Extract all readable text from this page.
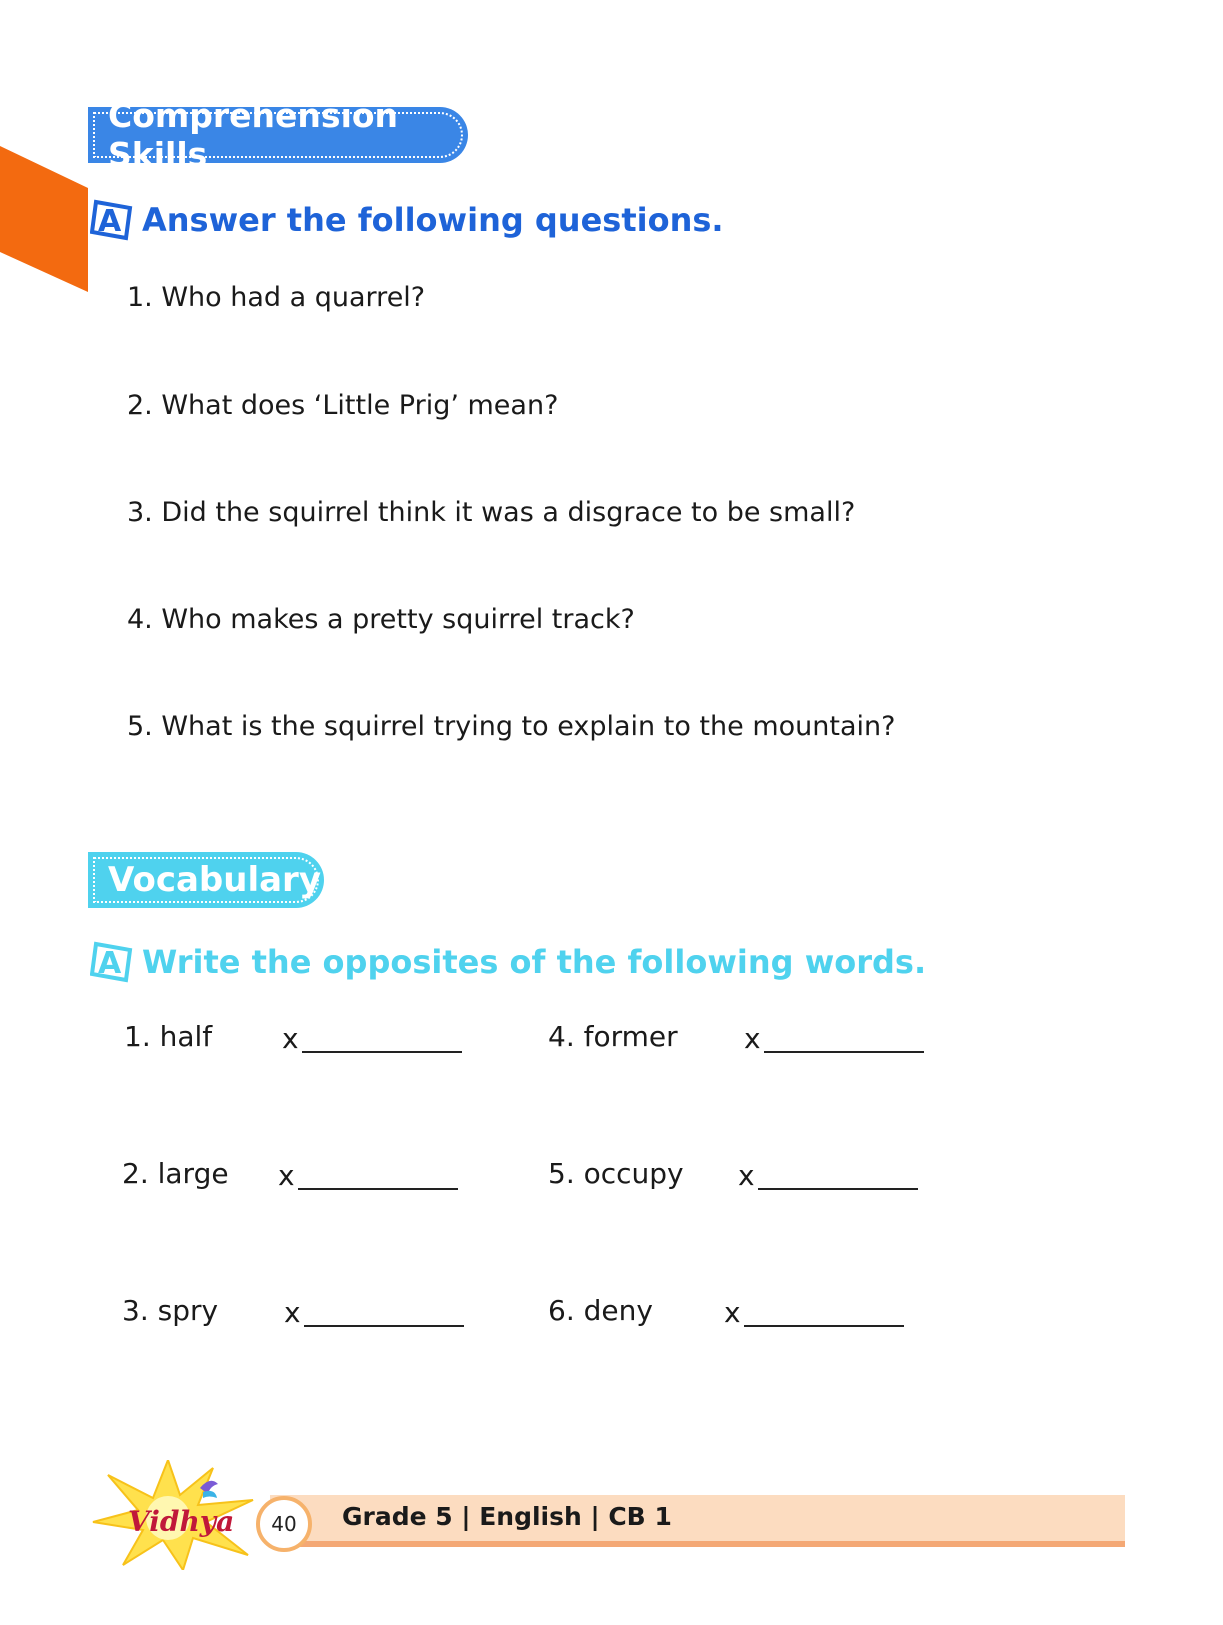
Comprehension Skills
A Answer the following questions.
1. Who had a quarrel?
2. What does ‘Little Prig’ mean?
3. Did the squirrel think it was a disgrace to be small?
4. Who makes a pretty squirrel track?
5. What is the squirrel trying to explain to the mountain?
Vocabulary
A Write the opposites of the following words.
1. half x
2. large x
3. spry x
4. former x
5. occupy x
6. deny	x
Vidhya 40 Grade 5 | English | CB 1
